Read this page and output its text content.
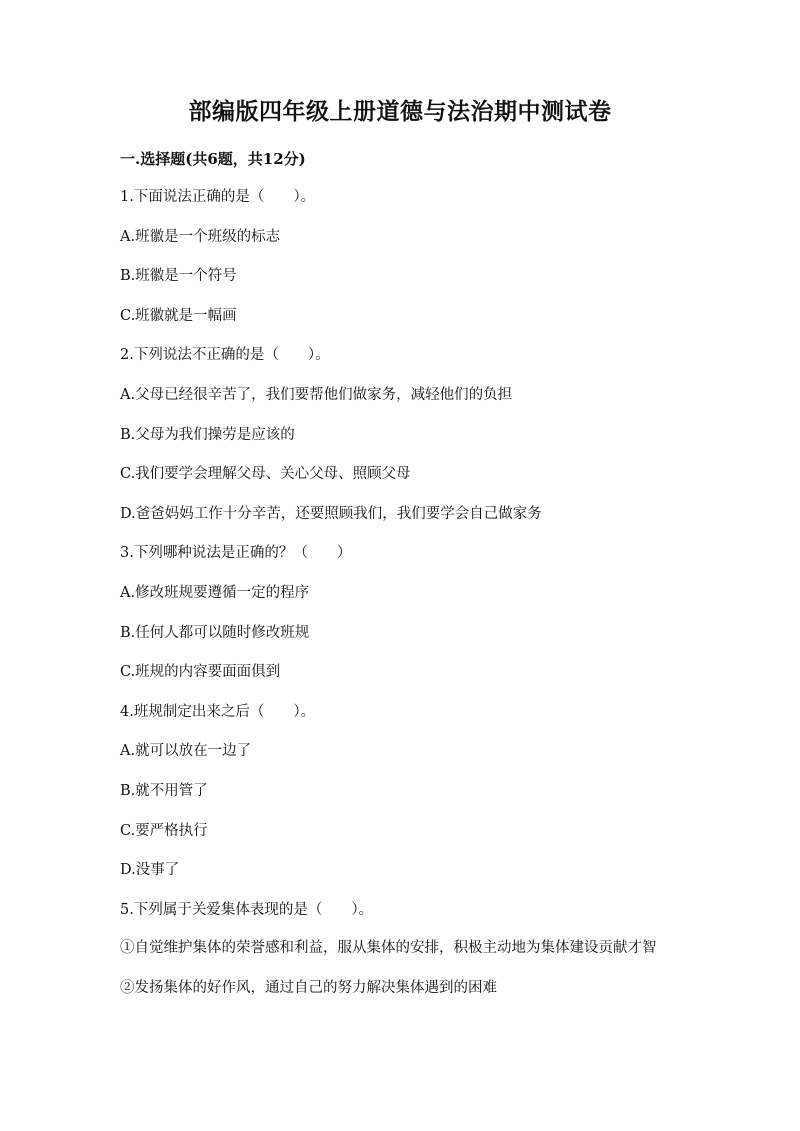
部编版四年级上册道德与法治期中测试卷
一.选择题(共6题，共12分)
1.下面说法正确的是（　　）。
A.班徽是一个班级的标志
B.班徽是一个符号
C.班徽就是一幅画
2.下列说法不正确的是（　　）。
A.父母已经很辛苦了，我们要帮他们做家务，减轻他们的负担
B.父母为我们操劳是应该的
C.我们要学会理解父母、关心父母、照顾父母
D.爸爸妈妈工作十分辛苦，还要照顾我们，我们要学会自己做家务
3.下列哪种说法是正确的？（　　）
A.修改班规要遵循一定的程序
B.任何人都可以随时修改班规
C.班规的内容要面面俱到
4.班规制定出来之后（　　）。
A.就可以放在一边了
B.就不用管了
C.要严格执行
D.没事了
5.下列属于关爱集体表现的是（　　）。
①自觉维护集体的荣誉感和利益，服从集体的安排，积极主动地为集体建设贡献才智
②发扬集体的好作风，通过自己的努力解决集体遇到的困难
